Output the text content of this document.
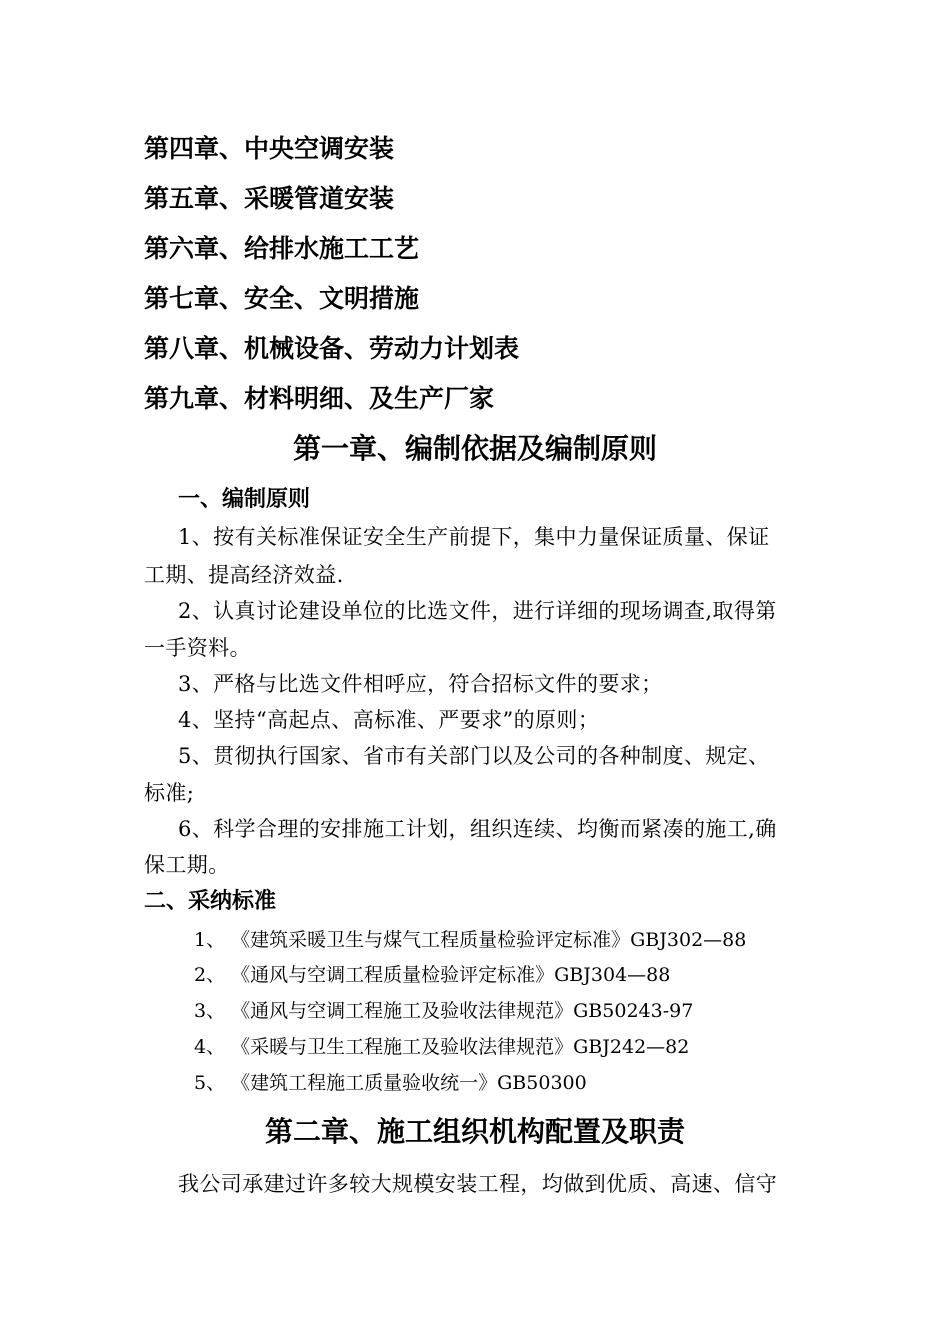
第四章、中央空调安装
第五章、采暖管道安装
第六章、给排水施工工艺
第七章、安全、文明措施
第八章、机械设备、劳动力计划表
第九章、材料明细、及生产厂家
第一章、编制依据及编制原则
一、编制原则
1、按有关标准保证安全生产前提下，集中力量保证质量、保证
工期、提高经济效益.
2、认真讨论建设单位的比选文件，进行详细的现场调查,取得第
一手资料。
3、严格与比选文件相呼应，符合招标文件的要求；
4、坚持“高起点、高标准、严要求”的原则；
5、贯彻执行国家、省市有关部门以及公司的各种制度、规定、
标准;
6、科学合理的安排施工计划，组织连续、均衡而紧凑的施工,确
保工期。
二、采纳标准
1、 《建筑采暖卫生与煤气工程质量检验评定标准》GBJ302—88
2、 《通风与空调工程质量检验评定标准》GBJ304—88
3、 《通风与空调工程施工及验收法律规范》GB50243-97
4、 《采暖与卫生工程施工及验收法律规范》GBJ242—82
5、 《建筑工程施工质量验收统一》GB50300
第二章、施工组织机构配置及职责
我公司承建过许多较大规模安装工程，均做到优质、高速、信守
